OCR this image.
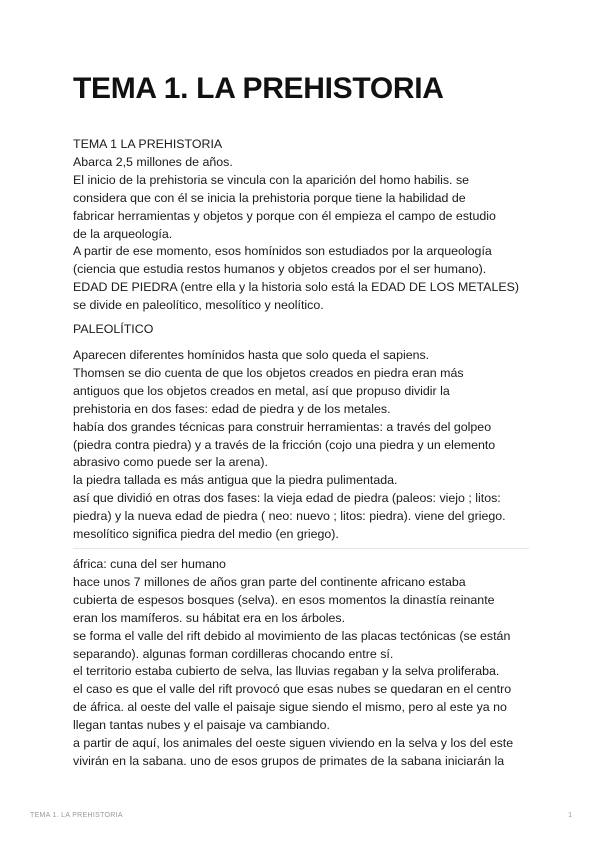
TEMA 1. LA PREHISTORIA

TEMA 1 LA PREHISTORIA

Abarca 2,5 millones de años.

El inicio de la prehistoria se vincula con la aparición del homo habilis. se

considera que con él se inicia la prehistoria porque tiene la habilidad de

fabricar herramientas y objetos y porque con él empieza el campo de estudio

de la arqueología.

A partir de ese momento, esos homínidos son estudiados por la arqueología

(ciencia que estudia restos humanos y objetos creados por el ser humano).

EDAD DE PIEDRA (entre ella y la historia solo está la EDAD DE LOS METALES)

se divide en paleolítico, mesolítico y neolítico.

PALEOLÍTICO

Aparecen diferentes homínidos hasta que solo queda el sapiens.

Thomsen se dio cuenta de que los objetos creados en piedra eran más

antiguos que los objetos creados en metal, así que propuso dividir la

prehistoria en dos fases: edad de piedra y de los metales.

había dos grandes técnicas para construir herramientas: a través del golpeo

(piedra contra piedra) y a través de la fricción (cojo una piedra y un elemento

abrasivo como puede ser la arena).

la piedra tallada es más antigua que la piedra pulimentada.

así que dividió en otras dos fases: la vieja edad de piedra (paleos: viejo ; litos:

piedra) y la nueva edad de piedra ( neo: nuevo ; litos: piedra). viene del griego.

mesolítico significa piedra del medio (en griego).

áfrica: cuna del ser humano

hace unos 7 millones de años gran parte del continente africano estaba

cubierta de espesos bosques (selva). en esos momentos la dinastía reinante

eran los mamíferos. su hábitat era en los árboles.

se forma el valle del rift debido al movimiento de las placas tectónicas (se están

separando). algunas forman cordilleras chocando entre sí.

el territorio estaba cubierto de selva, las lluvias regaban y la selva proliferaba.

el caso es que el valle del rift provocó que esas nubes se quedaran en el centro

de áfrica. al oeste del valle el paisaje sigue siendo el mismo, pero al este ya no

llegan tantas nubes y el paisaje va cambiando.

a partir de aquí, los animales del oeste siguen viviendo en la selva y los del este

vivirán en la sabana. uno de esos grupos de primates de la sabana iniciarán la

TEMA 1. LA PREHISTORIA	1
